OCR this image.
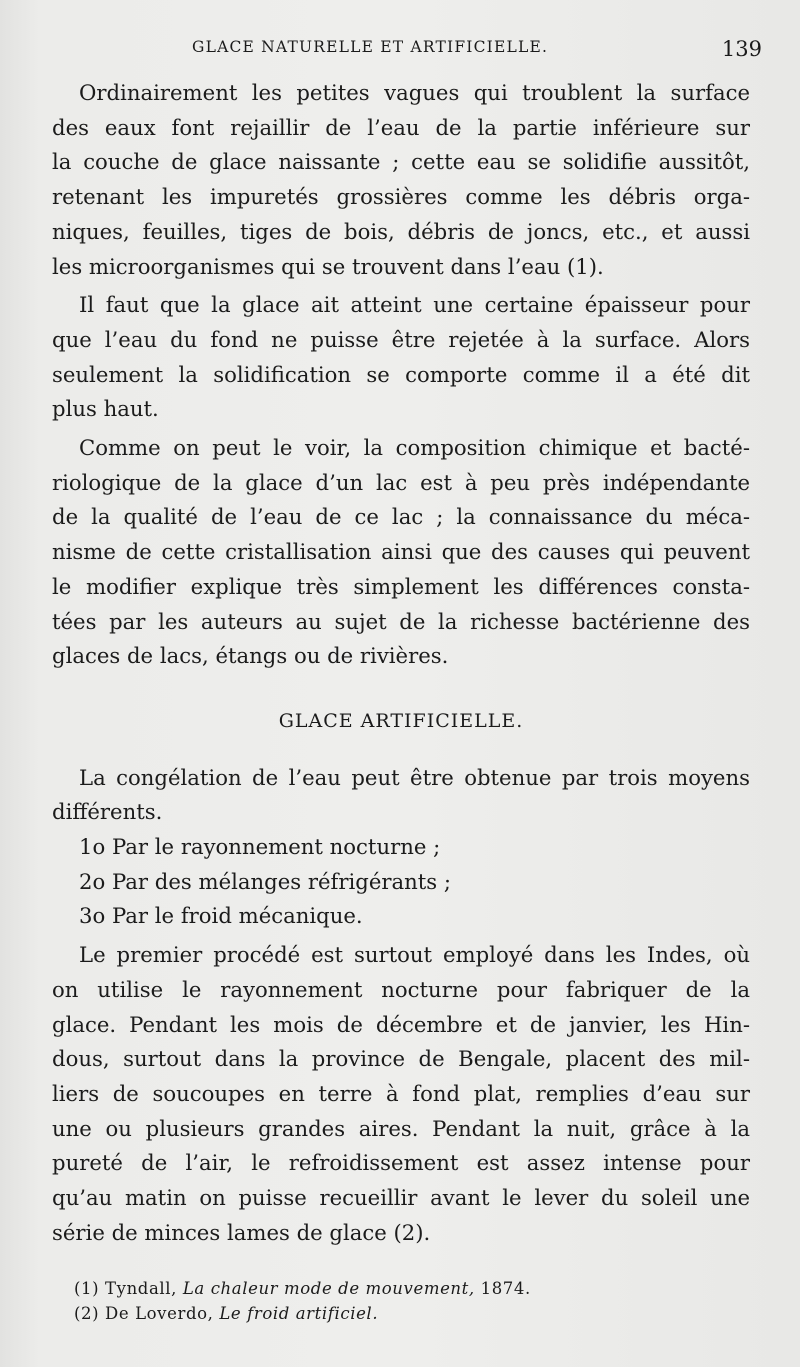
GLACE NATURELLE ET ARTIFICIELLE.	139

Ordinairement les petites vagues qui troublent la surface
des eaux font rejaillir de l’eau de la partie inférieure sur
la couche de glace naissante ; cette eau se solidifie aussitôt,
retenant les impuretés grossières comme les débris orga-
niques, feuilles, tiges de bois, débris de joncs, etc., et aussi
les microorganismes qui se trouvent dans l’eau (1).

Il faut que la glace ait atteint une certaine épaisseur pour
que l’eau du fond ne puisse être rejetée à la surface. Alors
seulement la solidification se comporte comme il a été dit
plus haut.

Comme on peut le voir, la composition chimique et bacté-
riologique de la glace d’un lac est à peu près indépendante
de la qualité de l’eau de ce lac ; la connaissance du méca-
nisme de cette cristallisation ainsi que des causes qui peuvent
le modifier explique très simplement les différences consta-
tées par les auteurs au sujet de la richesse bactérienne des
glaces de lacs, étangs ou de rivières.

GLACE ARTIFICIELLE.

La congélation de l’eau peut être obtenue par trois moyens
différents.

1o Par le rayonnement nocturne ;
2o Par des mélanges réfrigérants ;
3o Par le froid mécanique.

Le premier procédé est surtout employé dans les Indes, où
on utilise le rayonnement nocturne pour fabriquer de la
glace. Pendant les mois de décembre et de janvier, les Hin-
dous, surtout dans la province de Bengale, placent des mil-
liers de soucoupes en terre à fond plat, remplies d’eau sur
une ou plusieurs grandes aires. Pendant la nuit, grâce à la
pureté de l’air, le refroidissement est assez intense pour
qu’au matin on puisse recueillir avant le lever du soleil une
série de minces lames de glace (2).

(1) Tyndall, La chaleur mode de mouvement, 1874.
(2) De Loverdo, Le froid artificiel.
